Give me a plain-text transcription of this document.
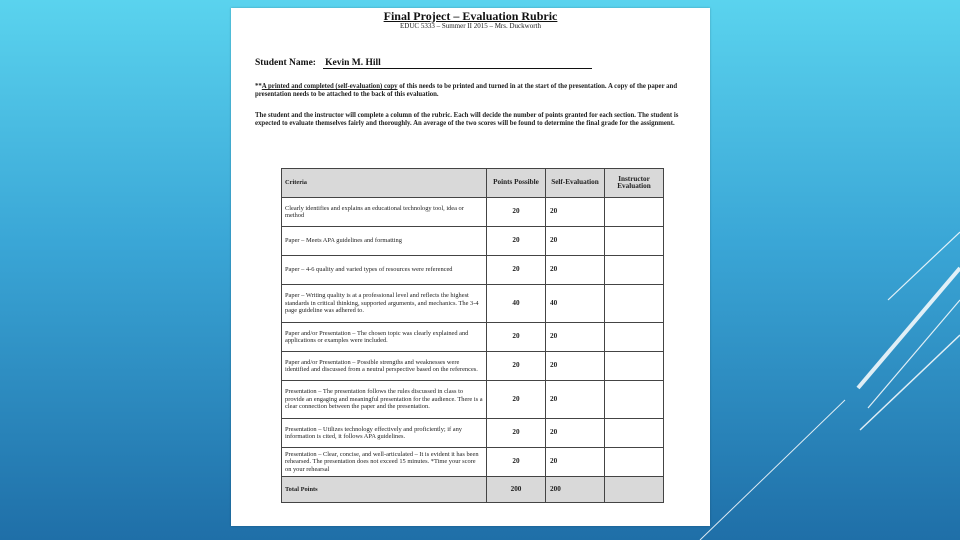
Final Project – Evaluation Rubric
EDUC 5333 – Summer II 2015 – Mrs. Duckworth
Student Name: Kevin M. Hill
**A printed and completed (self-evaluation) copy of this needs to be printed and turned in at the start of the presentation. A copy of the paper and presentation needs to be attached to the back of this evaluation.
The student and the instructor will complete a column of the rubric. Each will decide the number of points granted for each section. The student is expected to evaluate themselves fairly and thoroughly. An average of the two scores will be found to determine the final grade for the assignment.
Criteria	Points Possible	Self-Evaluation	Instructor Evaluation
Clearly identifies and explains an educational technology tool, idea or method	20	20	
Paper – Meets APA guidelines and formatting	20	20	
Paper – 4-6 quality and varied types of resources were referenced	20	20	
Paper – Writing quality is at a professional level and reflects the highest standards in critical thinking, supported arguments, and mechanics. The 3-4 page guideline was adhered to.	40	40	
Paper and/or Presentation – The chosen topic was clearly explained and applications or examples were included.	20	20	
Paper and/or Presentation – Possible strengths and weaknesses were identified and discussed from a neutral perspective based on the references.	20	20	
Presentation – The presentation follows the rules discussed in class to provide an engaging and meaningful presentation for the audience. There is a clear connection between the paper and the presentation.	20	20	
Presentation – Utilizes technology effectively and proficiently; if any information is cited, it follows APA guidelines.	20	20	
Presentation – Clear, concise, and well-articulated – It is evident it has been rehearsed. The presentation does not exceed 15 minutes. *Time your score on your rehearsal	20	20	
Total Points	200	200	
